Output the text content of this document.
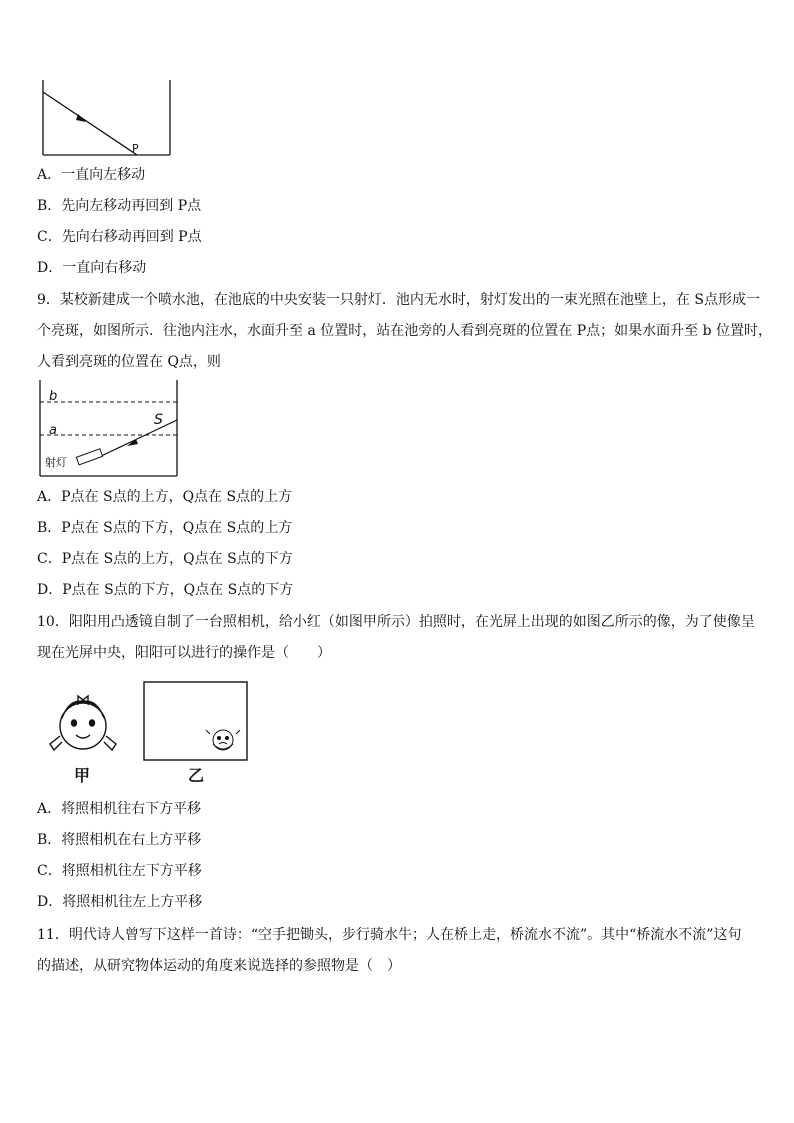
P
A．一直向左移动
B．先向左移动再回到 P点
C．先向右移动再回到 P点
D．一直向右移动
9．某校新建成一个喷水池，在池底的中央安装一只射灯．池内无水时，射灯发出的一束光照在池壁上，在 S点形成一
个亮斑，如图所示．往池内注水，水面升至 a 位置时，站在池旁的人看到亮斑的位置在 P点；如果水面升至 b 位置时，
人看到亮斑的位置在 Q点，则
b
a
S
射灯
A．P点在 S点的上方，Q点在 S点的上方
B．P点在 S点的下方，Q点在 S点的上方
C．P点在 S点的上方，Q点在 S点的下方
D．P点在 S点的下方，Q点在 S点的下方
10．阳阳用凸透镜自制了一台照相机，给小红（如图甲所示）拍照时，在光屏上出现的如图乙所示的像，为了使像呈
现在光屏中央，阳阳可以进行的操作是（　　）
甲	乙
A．将照相机往右下方平移
B．将照相机在右上方平移
C．将照相机往左下方平移
D．将照相机往左上方平移
11．明代诗人曾写下这样一首诗：“空手把锄头，步行骑水牛；人在桥上走，桥流水不流”。其中“桥流水不流”这句
的描述，从研究物体运动的角度来说选择的参照物是（　）
